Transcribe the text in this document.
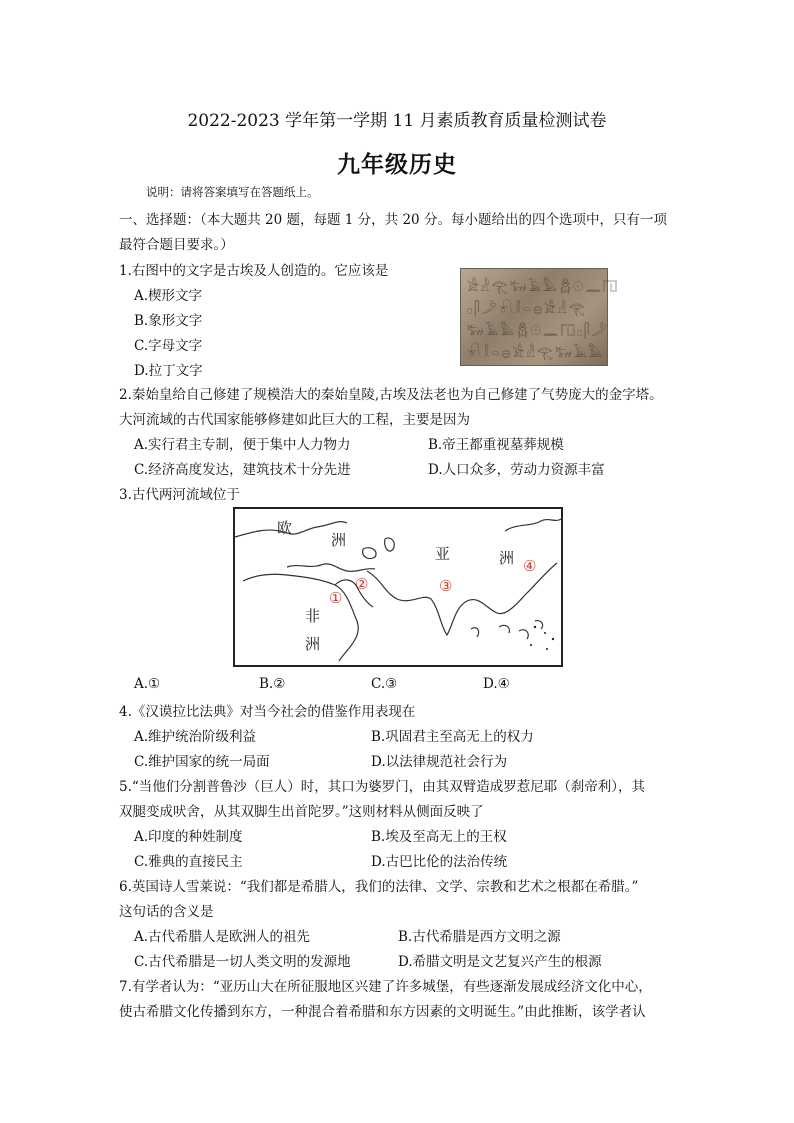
2022-2023 学年第一学期 11 月素质教育质量检测试卷
九年级历史
说明：请将答案填写在答题纸上。
一、选择题：（本大题共 20 题，每题 1 分，共 20 分。每小题给出的四个选项中，只有一项
最符合题目要求。）
1.右图中的文字是古埃及人创造的。它应该是
A.楔形文字
B.象形文字
C.字母文字
D.拉丁文字
𓀀𓁐𓂀𓃒𓄿𓅓𓆣𓇳𓈖𓉔
𓊪𓋴𓌳𓍯𓎛𓏏𓐍𓀀𓁐𓂀
𓃒𓄿𓅓𓆣𓇳𓈖𓉔𓊪𓋴𓌳
𓍯𓎛𓏏𓐍𓀀𓁐𓂀𓃒𓄿𓅓
2.秦始皇给自己修建了规模浩大的秦始皇陵,古埃及法老也为自己修建了气势庞大的金字塔。
大河流域的古代国家能够修建如此巨大的工程，主要是因为
A.实行君主专制，便于集中人力物力	B.帝王都重视墓葬规模
C.经济高度发达，建筑技术十分先进	D.人口众多，劳动力资源丰富
3.古代两河流域位于
欧
洲
亚	洲
非
洲
①
②	③
④
A.①	B.②	C.③	D.④
4.《汉谟拉比法典》对当今社会的借鉴作用表现在
A.维护统治阶级利益	B.巩固君主至高无上的权力
C.维护国家的统一局面	D.以法律规范社会行为
5.“当他们分割普鲁沙（巨人）时，其口为婆罗门，由其双臂造成罗惹尼耶（刹帝利），其
双腿变成吠舍，从其双脚生出首陀罗。”这则材料从侧面反映了
A.印度的种姓制度	B.埃及至高无上的王权
C.雅典的直接民主	D.古巴比伦的法治传统
6.英国诗人雪莱说：“我们都是希腊人，我们的法律、文学、宗教和艺术之根都在希腊。”
这句话的含义是
A.古代希腊人是欧洲人的祖先	B.古代希腊是西方文明之源
C.古代希腊是一切人类文明的发源地	D.希腊文明是文艺复兴产生的根源
7.有学者认为：“亚历山大在所征服地区兴建了许多城堡，有些逐渐发展成经济文化中心，
使古希腊文化传播到东方，一种混合着希腊和东方因素的文明诞生。”由此推断，该学者认
